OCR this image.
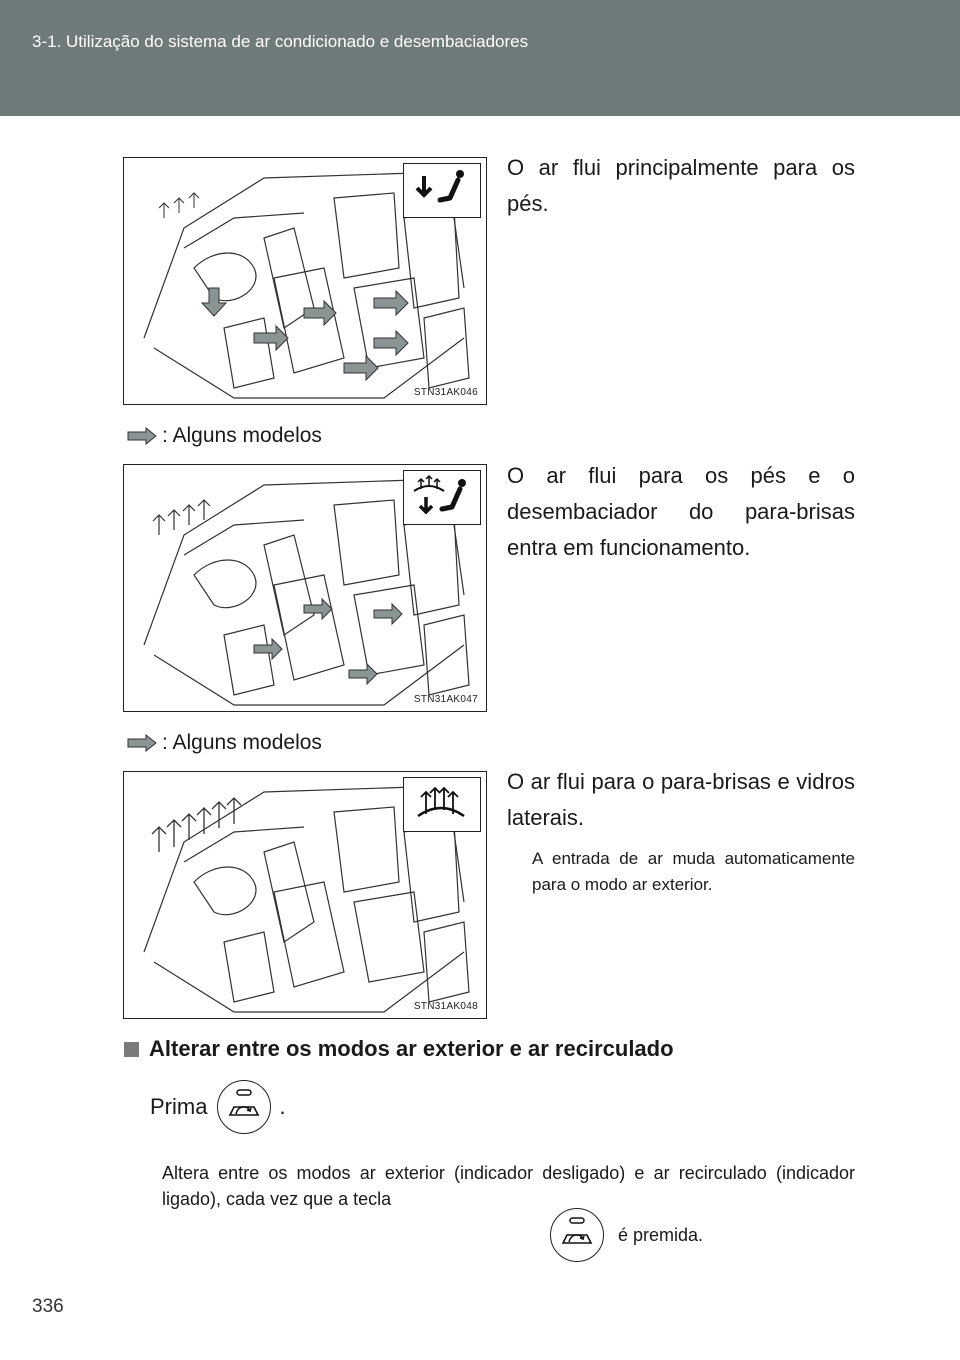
3-1. Utilização do sistema de ar condicionado e desembaciadores
STN31AK046
O ar flui principalmente para os pés.
: Alguns modelos
STN31AK047
O ar flui para os pés e o desembaciador do para-brisas entra em funcionamento.
: Alguns modelos
STN31AK048
O ar flui para o para-brisas e vidros laterais.
A entrada de ar muda automaticamente para o modo ar exterior.
Alterar entre os modos ar exterior e ar recirculado
Prima	.
Altera entre os modos ar exterior (indicador desligado) e ar recirculado (indicador ligado), cada vez que a tecla
é premida.
336
